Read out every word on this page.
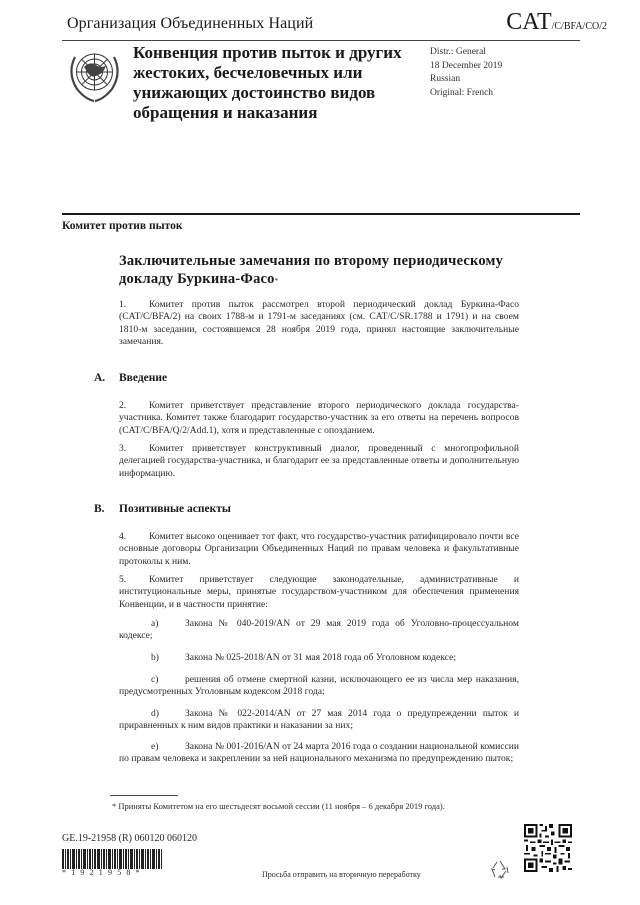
Организация Объединенных Наций	CAT/C/BFA/CO/2
Конвенция против пыток и других жестоких, бесчеловечных или унижающих достоинство видов обращения и наказания
Distr.: General
18 December 2019
Russian
Original: French
Комитет против пыток
Заключительные замечания по второму периодическому докладу Буркина-Фасо*
1. Комитет против пыток рассмотрел второй периодический доклад Буркина-Фасо (CAT/C/BFA/2) на своих 1788-м и 1791-м заседаниях (см. CAT/C/SR.1788 и 1791) и на своем 1810-м заседании, состоявшемся 28 ноября 2019 года, принял настоящие заключительные замечания.
A. Введение
2. Комитет приветствует представление второго периодического доклада государства-участника. Комитет также благодарит государство-участник за его ответы на перечень вопросов (CAT/C/BFA/Q/2/Add.1), хотя и представленные с опозданием.
3. Комитет приветствует конструктивный диалог, проведенный с многопрофильной делегацией государства-участника, и благодарит ее за представленные ответы и дополнительную информацию.
B. Позитивные аспекты
4. Комитет высоко оценивает тот факт, что государство-участник ратифицировало почти все основные договоры Организации Объединенных Наций по правам человека и факультативные протоколы к ним.
5. Комитет приветствует следующие законодательные, административные и институциональные меры, принятые государством-участником для обеспечения применения Конвенции, и в частности принятие:
a)	Закона № 040-2019/AN от 29 мая 2019 года об Уголовно-процессуальном кодексе;
b)	Закона № 025-2018/AN от 31 мая 2018 года об Уголовном кодексе;
c)	решения об отмене смертной казни, исключающего ее из числа мер наказания, предусмотренных Уголовным кодексом 2018 года;
d)	Закона № 022-2014/AN от 27 мая 2014 года о предупреждении пыток и приравненных к ним видов практики и наказании за них;
e)	Закона № 001-2016/AN от 24 марта 2016 года о создании национальной комиссии по правам человека и закреплении за ней национального механизма по предупреждению пыток;
* Приняты Комитетом на его шестьдесят восьмой сессии (11 ноября – 6 декабря 2019 года).
GE.19-21958 (R) 060120 060120
*1921958*	Просьба отправить на вторичную переработку
